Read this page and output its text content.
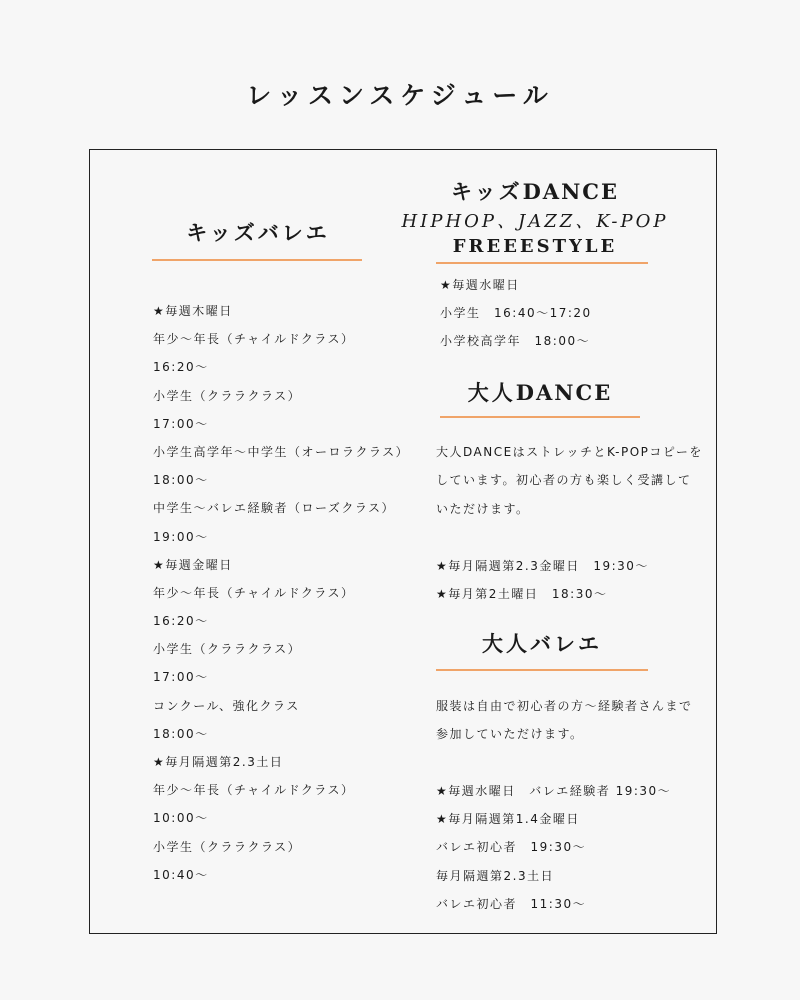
レッスンスケジュール
キッズバレエ
★毎週木曜日
年少～年長（チャイルドクラス）
16:20～
小学生（クララクラス）
17:00～
小学生高学年～中学生（オーロラクラス）
18:00～
中学生～バレエ経験者（ローズクラス）
19:00～
★毎週金曜日
年少～年長（チャイルドクラス）
16:20～
小学生（クララクラス）
17:00～
コンクール、強化クラス
18:00～
★毎月隔週第2.3土日
年少～年長（チャイルドクラス）
10:00～
小学生（クララクラス）
10:40～
キッズDANCE
HIPHOP、JAZZ、K-POP
FREEESTYLE
★毎週水曜日
小学生　16:40～17:20
小学校高学年　18:00～
大人DANCE
大人DANCEはストレッチとK-POPコピーを
しています。初心者の方も楽しく受講して
いただけます。
★毎月隔週第2.3金曜日　19:30～
★毎月第2土曜日　18:30～
大人バレエ
服装は自由で初心者の方～経験者さんまで
参加していただけます。
★毎週水曜日　バレエ経験者 19:30～
★毎月隔週第1.4金曜日
バレエ初心者　19:30～
毎月隔週第2.3土日
バレエ初心者　11:30～
